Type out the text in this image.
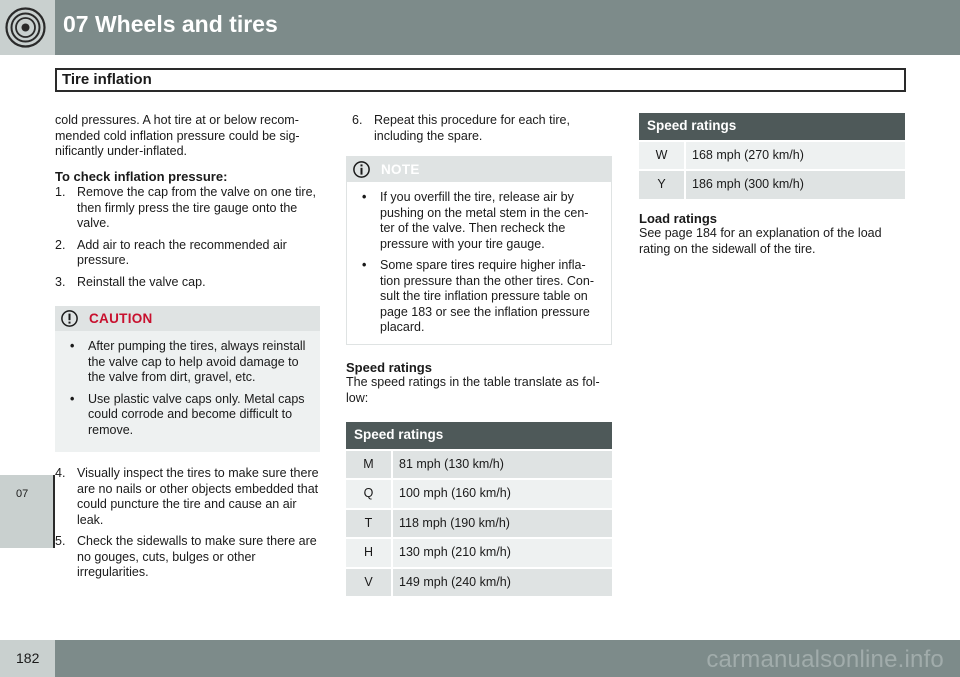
07 Wheels and tires
Tire inflation
07

cold pressures. A hot tire at or below recom- mended cold inflation pressure could be sig- nificantly under-inflated.

To check inflation pressure:
1. Remove the cap from the valve on one tire, then firmly press the tire gauge onto the valve.
2. Add air to reach the recommended air pressure.
3. Reinstall the valve cap.
CAUTION
• After pumping the tires, always reinstall the valve cap to help avoid damage to the valve from dirt, gravel, etc.
• Use plastic valve caps only. Metal caps could corrode and become difficult to remove.
4. Visually inspect the tires to make sure there are no nails or other objects embedded that could puncture the tire and cause an air leak.
5. Check the sidewalls to make sure there are no gouges, cuts, bulges or other irregularities.
6. Repeat this procedure for each tire, including the spare.
NOTE
• If you overfill the tire, release air by pushing on the metal stem in the cen- ter of the valve. Then recheck the pressure with your tire gauge.
• Some spare tires require higher infla- tion pressure than the other tires. Con- sult the tire inflation pressure table on page 183 or see the inflation pressure placard.
Speed ratings

The speed ratings in the table translate as fol- low:

Speed ratings	
M	81 mph (130 km/h)
Q	100 mph (160 km/h)
T	118 mph (190 km/h)
H	130 mph (210 km/h)
V	149 mph (240 km/h)
Speed ratings	
W	168 mph (270 km/h)
Y	186 mph (300 km/h)
Load ratings

See page 184 for an explanation of the load rating on the sidewall of the tire.

182	carmanualsonline.info
